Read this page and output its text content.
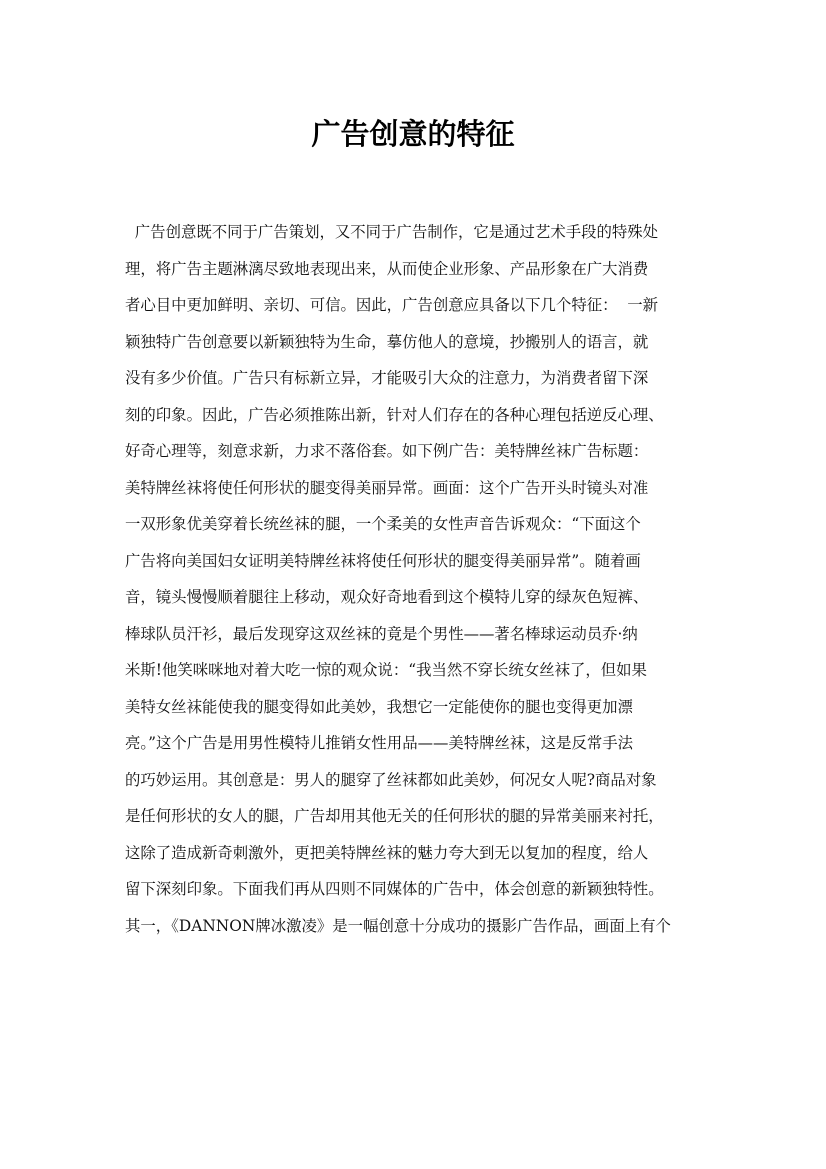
广告创意的特征
广告创意既不同于广告策划，又不同于广告制作，它是通过艺术手段的特殊处
理，将广告主题淋漓尽致地表现出来，从而使企业形象、产品形象在广大消费
者心目中更加鲜明、亲切、可信。因此，广告创意应具备以下几个特征：  一新
颖独特广告创意要以新颖独特为生命，摹仿他人的意境，抄搬别人的语言，就
没有多少价值。广告只有标新立异，才能吸引大众的注意力，为消费者留下深
刻的印象。因此，广告必须推陈出新，针对人们存在的各种心理包括逆反心理、
好奇心理等，刻意求新，力求不落俗套。如下例广告：美特牌丝袜广告标题：
美特牌丝袜将使任何形状的腿变得美丽异常。画面：这个广告开头时镜头对准
一双形象优美穿着长统丝袜的腿，一个柔美的女性声音告诉观众：“下面这个
广告将向美国妇女证明美特牌丝袜将使任何形状的腿变得美丽异常”。随着画
音，镜头慢慢顺着腿往上移动，观众好奇地看到这个模特儿穿的绿灰色短裤、
棒球队员汗衫，最后发现穿这双丝袜的竟是个男性——著名棒球运动员乔·纳
米斯!他笑咪咪地对着大吃一惊的观众说：“我当然不穿长统女丝袜了，但如果
美特女丝袜能使我的腿变得如此美妙，我想它一定能使你的腿也变得更加漂
亮。”这个广告是用男性模特儿推销女性用品——美特牌丝袜，这是反常手法
的巧妙运用。其创意是：男人的腿穿了丝袜都如此美妙，何况女人呢?商品对象
是任何形状的女人的腿，广告却用其他无关的任何形状的腿的异常美丽来衬托，
这除了造成新奇刺激外，更把美特牌丝袜的魅力夸大到无以复加的程度，给人
留下深刻印象。下面我们再从四则不同媒体的广告中，体会创意的新颖独特性。
其一，《DANNON牌冰激凌》是一幅创意十分成功的摄影广告作品，画面上有个
